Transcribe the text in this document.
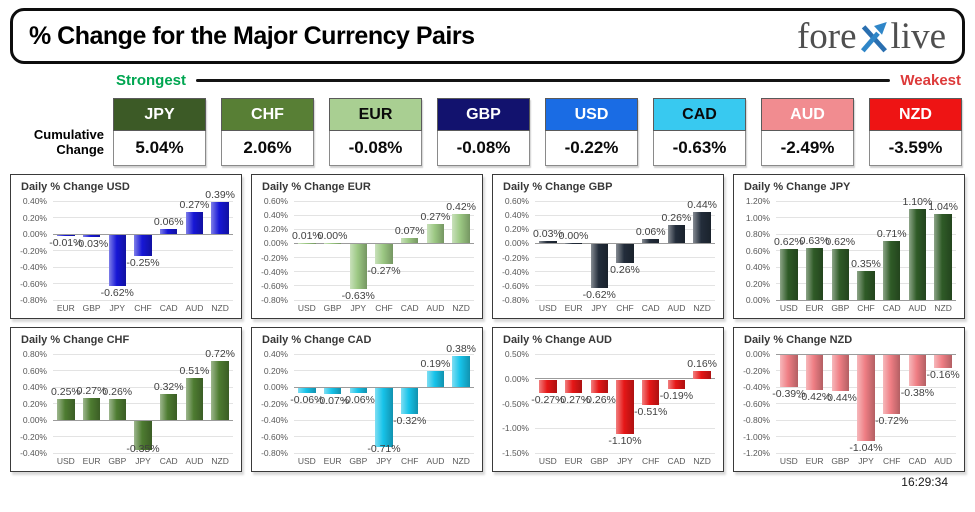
% Change for the Major Currency Pairs	fore live
Strongest	Weakest
Cumulative
Change
JPY
5.04%
CHF
2.06%
EUR
-0.08%
GBP
-0.08%
USD
-0.22%
CAD
-0.63%
AUD
-2.49%
NZD
-3.59%
Daily % Change USD
0.40%
0.20%
0.00%
-0.20%
-0.40%
-0.60%
-0.80%
-0.01%
-0.03%
-0.62%
-0.25%
0.06%
0.27%
0.39%
EUR GBP	JPY	CHF CAD AUD NZD
Daily % Change EUR
0.60%
0.40%
0.20%
0.00%
-0.20%
-0.40%
-0.60%
-0.80%
0.01%
0.00%
-0.63%
-0.27%
0.07%
0.27%
0.42%
USD GBP	JPY	CHF CAD AUD NZD
Daily % Change GBP
0.60%
0.40%
0.20%
0.00%
-0.20%
-0.40%
-0.60%
-0.80%
0.03%
0.00%
-0.62%
0.26%
0.06%
0.26%
0.44%
USD EUR	JPY	CHF CAD AUD NZD
Daily % Change JPY
1.20%
1.00%
0.80%
0.60%
0.40%
0.20%
0.00%
0.62%
0.63%
0.62%
0.35%
0.71%
1.10%
1.04%
USD EUR GBP CHF CAD AUD NZD
Daily % Change CHF
0.80%
0.60%
0.40%
0.20%
0.00%
-0.20%
-0.40%
0.25%
0.27%
0.26%
-0.35%
0.32%
0.51%
0.72%
USD EUR GBP	JPY	CAD AUD NZD
Daily % Change CAD
0.40%
0.20%
0.00%
-0.20%
-0.40%
-0.60%
-0.80%
-0.06%
-0.07%
-0.06%
-0.71%
-0.32%
0.19%
0.38%
USD EUR GBP	JPY	CHF AUD NZD
Daily % Change AUD
0.50%
0.00%
-0.50%
-1.00%
-1.50%
-0.27%
-0.27%
-0.26%
-1.10%
-0.51%
-0.19%
0.16%
USD EUR GBP	JPY	CHF CAD NZD
Daily % Change NZD
0.00%
-0.20%
-0.40%
-0.60%
-0.80%
-1.00%
-1.20%
-0.39%
-0.42%
-0.44%
-1.04%
-0.72%
-0.38%
-0.16%
USD EUR GBP	JPY	CHF CAD AUD
16:29:34
